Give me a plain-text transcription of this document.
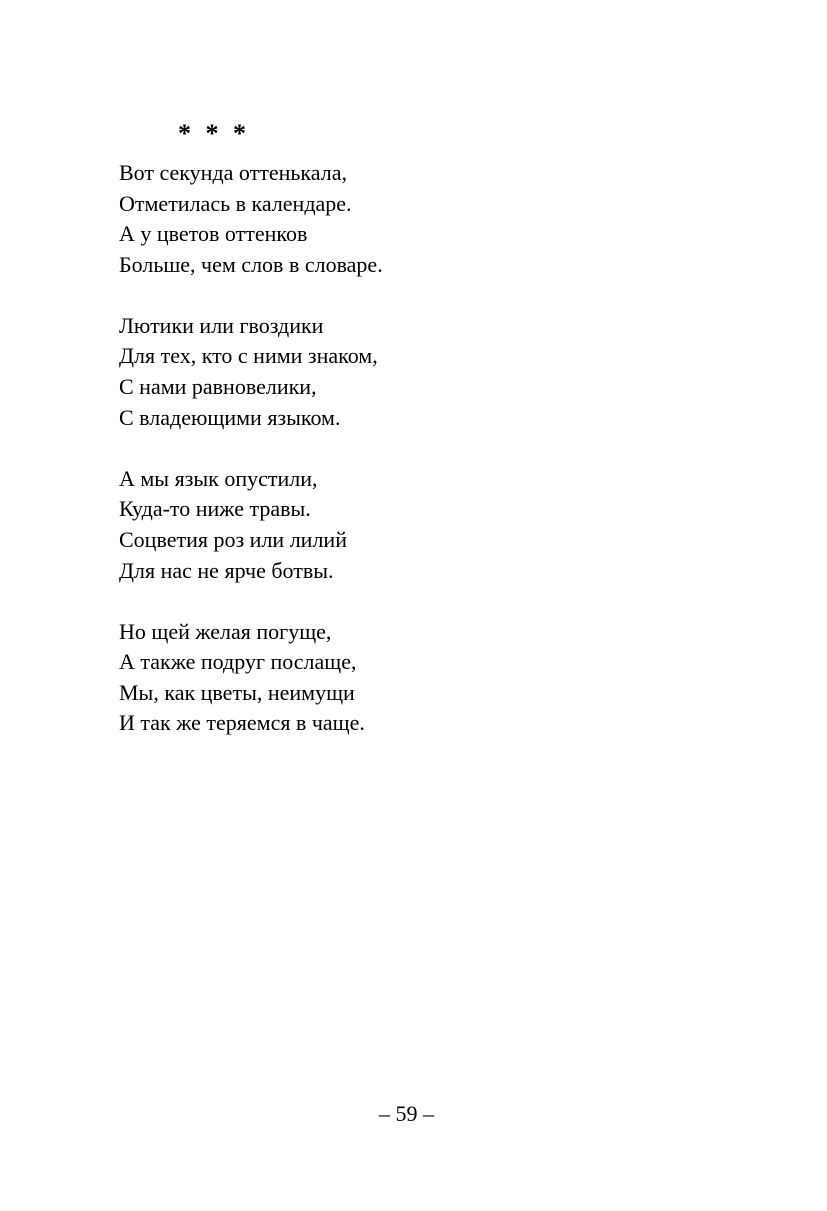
* * *
Вот секунда оттенькала,
Отметилась в календаре.
А у цветов оттенков
Больше, чем слов в словаре.
Лютики или гвоздики
Для тех, кто с ними знаком,
С нами равновелики,
С владеющими языком.
А мы язык опустили,
Куда-то ниже травы.
Соцветия роз или лилий
Для нас не ярче ботвы.
Но щей желая погуще,
А также подруг послаще,
Мы, как цветы, неимущи
И так же теряемся в чаще.
– 59 –
